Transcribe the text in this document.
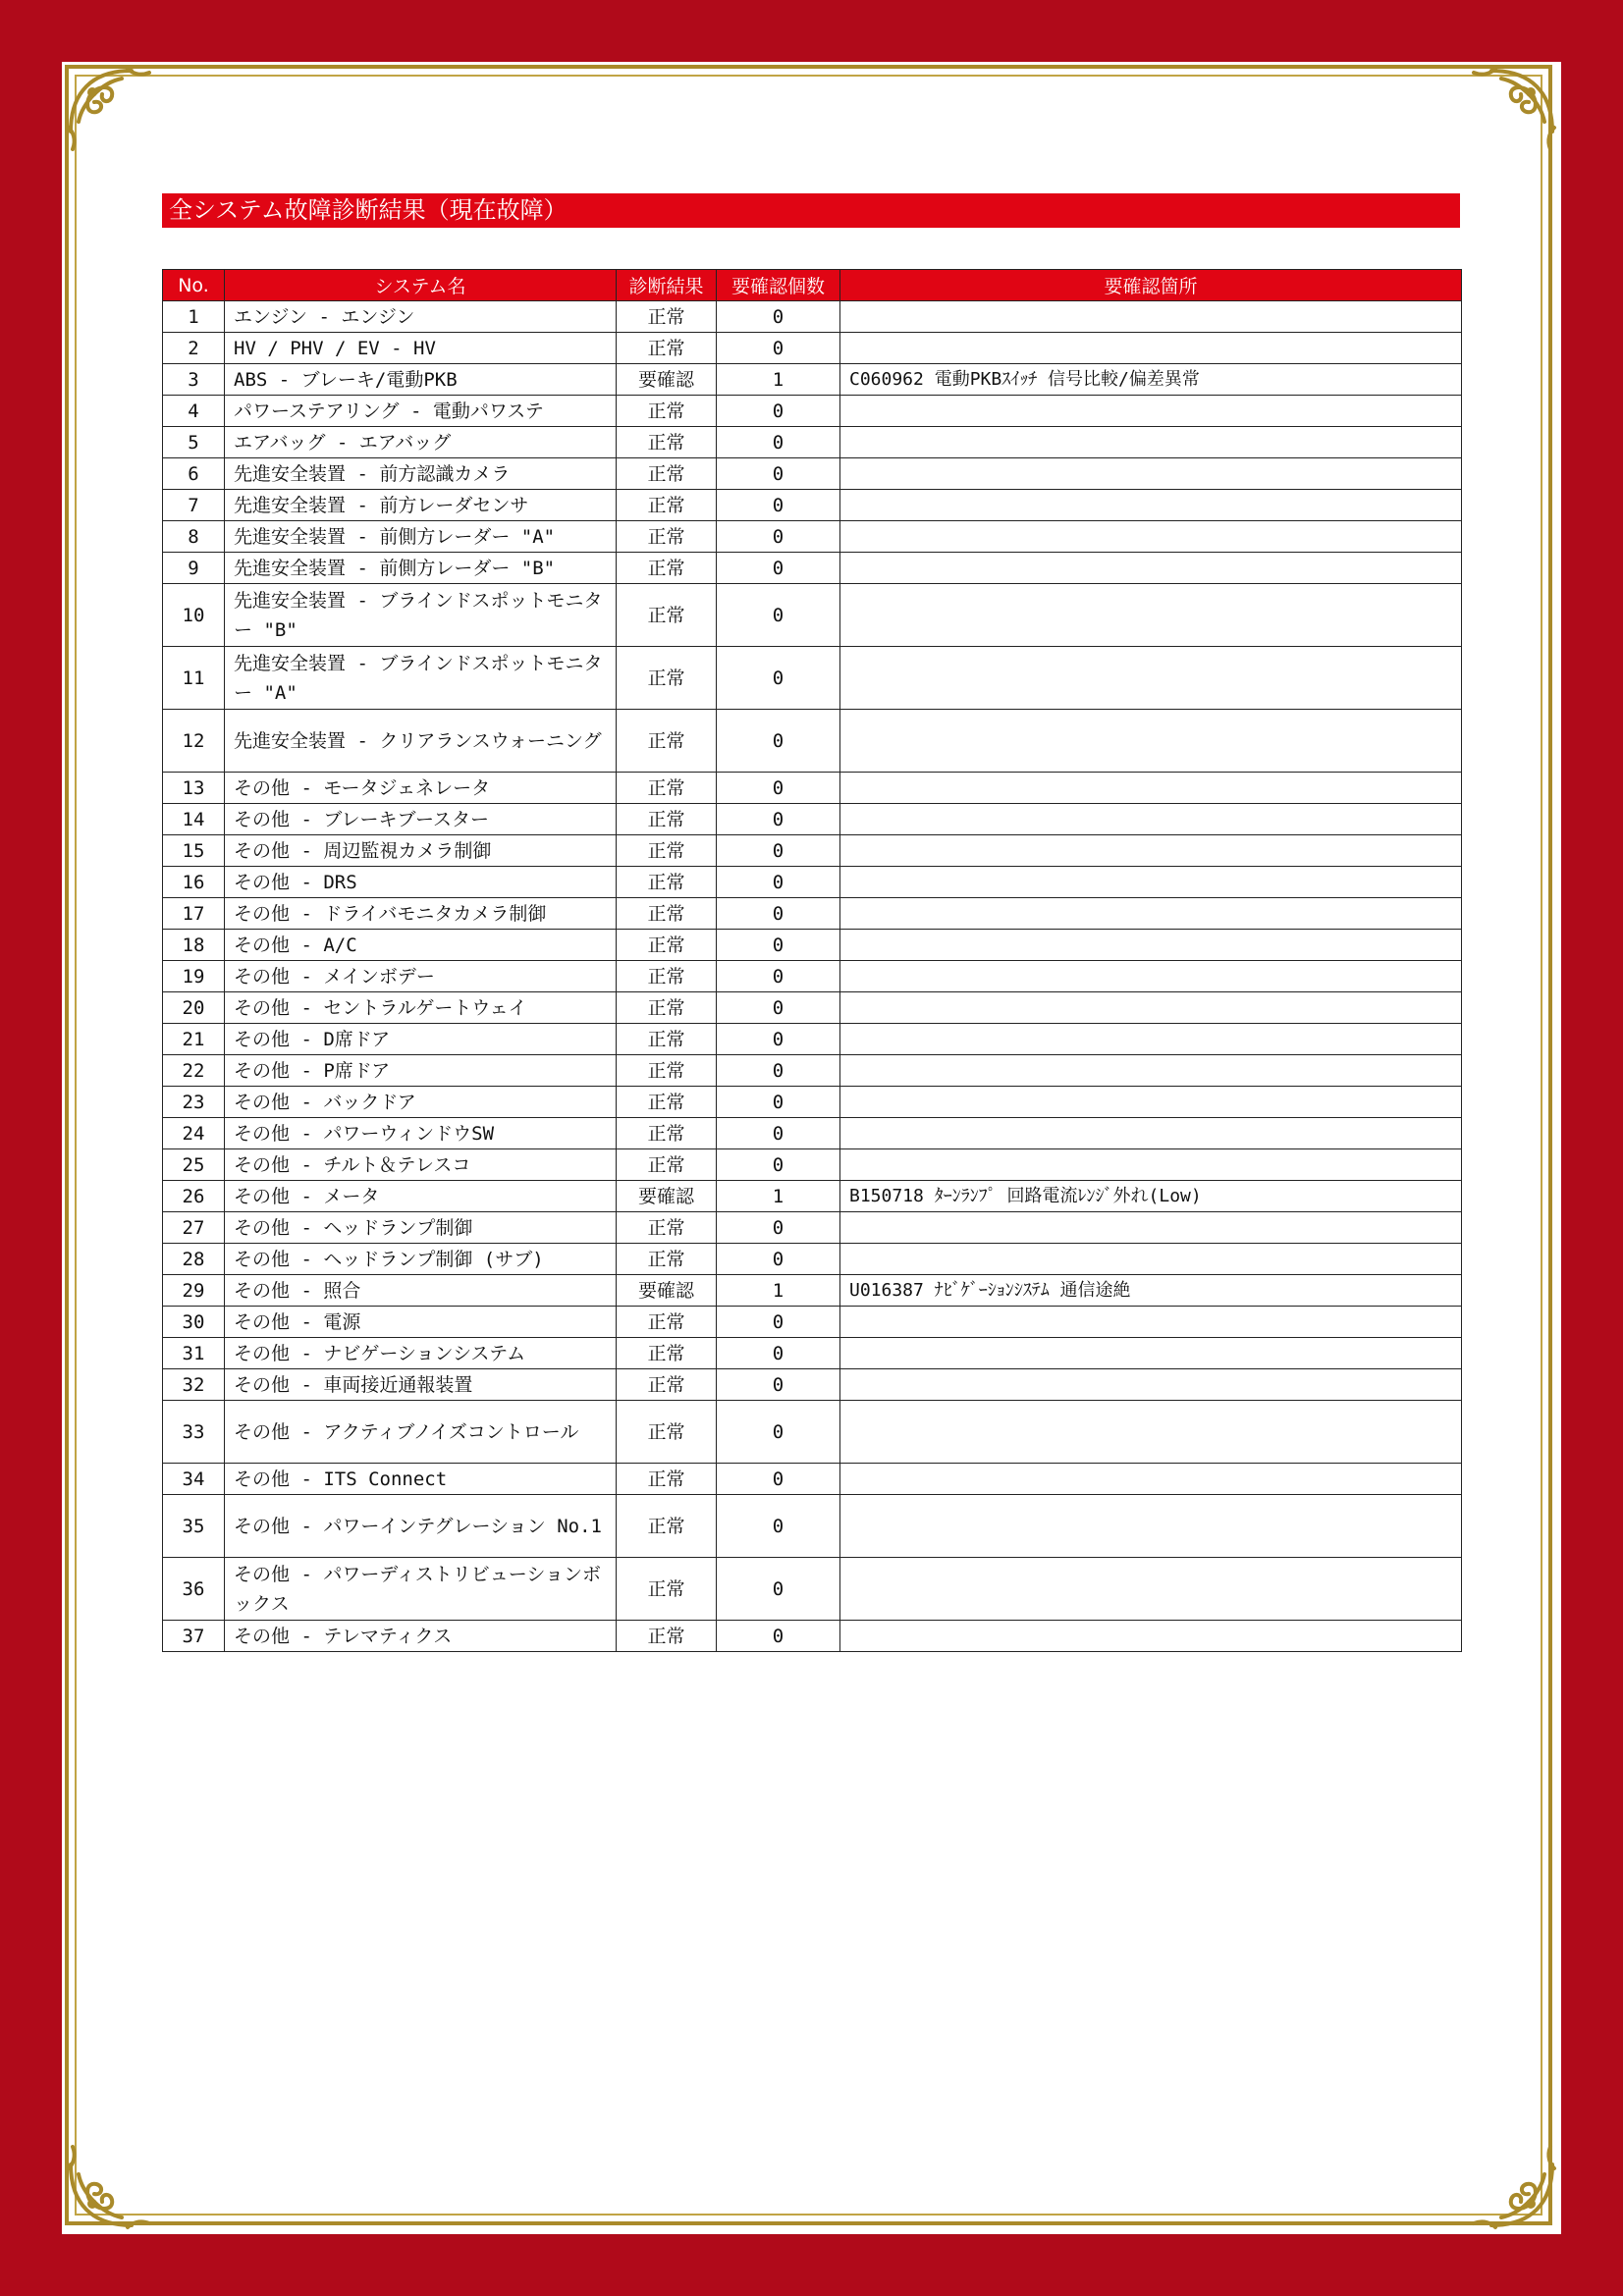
全システム故障診断結果（現在故障）
No.	システム名	診断結果	要確認個数	要確認箇所
1	エンジン - エンジン	正常	0	
2	HV / PHV / EV - HV	正常	0	
3	ABS - ブレーキ/電動PKB	要確認	1	C060962 電動PKBｽｲｯﾁ 信号比較/偏差異常
4	パワーステアリング - 電動パワステ	正常	0	
5	エアバッグ - エアバッグ	正常	0	
6	先進安全装置 - 前方認識カメラ	正常	0	
7	先進安全装置 - 前方レーダセンサ	正常	0	
8	先進安全装置 - 前側方レーダー "A"	正常	0	
9	先進安全装置 - 前側方レーダー "B"	正常	0	
10	先進安全装置 - ブラインドスポットモニター "B"	正常	0	
11	先進安全装置 - ブラインドスポットモニター "A"	正常	0	
12	先進安全装置 - クリアランスウォーニング	正常	0	
13	その他 - モータジェネレータ	正常	0	
14	その他 - ブレーキブースター	正常	0	
15	その他 - 周辺監視カメラ制御	正常	0	
16	その他 - DRS	正常	0	
17	その他 - ドライバモニタカメラ制御	正常	0	
18	その他 - A/C	正常	0	
19	その他 - メインボデー	正常	0	
20	その他 - セントラルゲートウェイ	正常	0	
21	その他 - D席ドア	正常	0	
22	その他 - P席ドア	正常	0	
23	その他 - バックドア	正常	0	
24	その他 - パワーウィンドウSW	正常	0	
25	その他 - チルト＆テレスコ	正常	0	
26	その他 - メータ	要確認	1	B150718 ﾀｰﾝﾗﾝﾌﾟ 回路電流ﾚﾝｼﾞ外れ(Low)
27	その他 - ヘッドランプ制御	正常	0	
28	その他 - ヘッドランプ制御 (サブ)	正常	0	
29	その他 - 照合	要確認	1	U016387 ﾅﾋﾞｹﾞｰｼｮﾝｼｽﾃﾑ 通信途絶
30	その他 - 電源	正常	0	
31	その他 - ナビゲーションシステム	正常	0	
32	その他 - 車両接近通報装置	正常	0	
33	その他 - アクティブノイズコントロール	正常	0	
34	その他 - ITS Connect	正常	0	
35	その他 - パワーインテグレーション No.1	正常	0	
36	その他 - パワーディストリビューションボックス	正常	0	
37	その他 - テレマティクス	正常	0	
